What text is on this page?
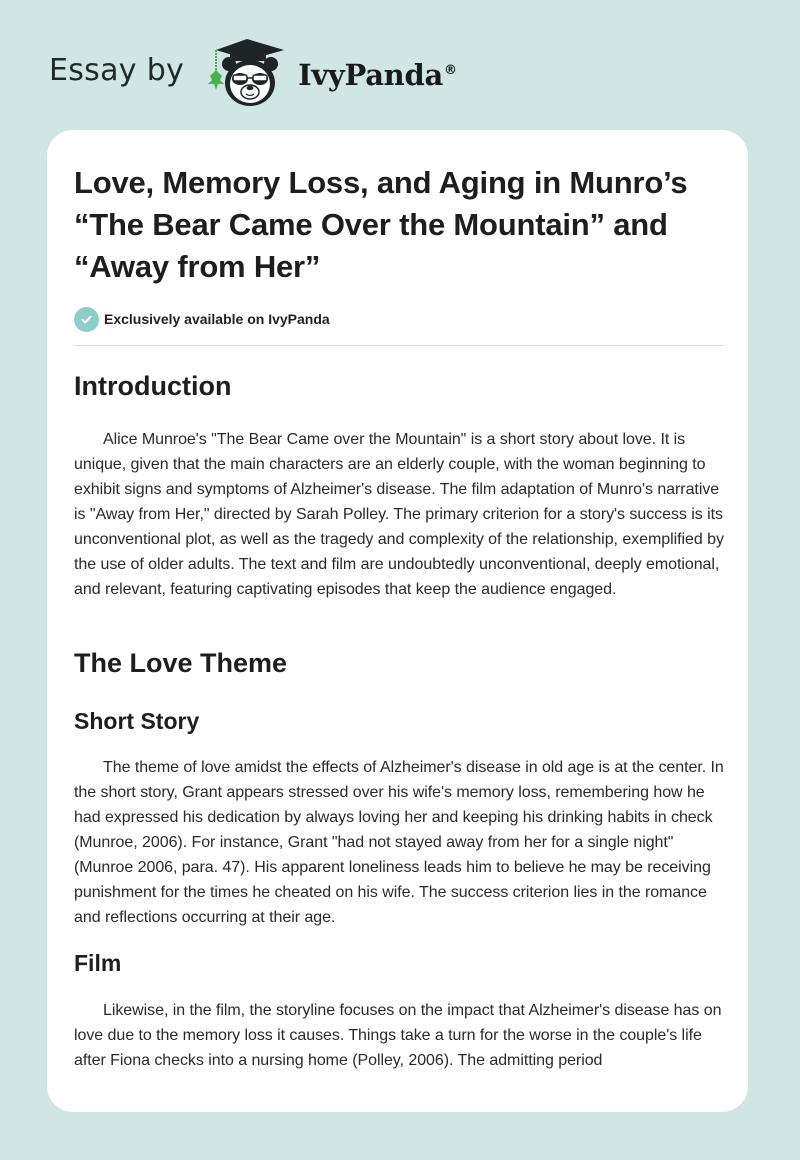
Essay by	IvyPanda®
Love, Memory Loss, and Aging in Munro’s “The Bear Came Over the Mountain” and “Away from Her”
Exclusively available on IvyPanda
Introduction

Alice Munroe's "The Bear Came over the Mountain" is a short story about love. It is unique, given that the main characters are an elderly couple, with the woman beginning to exhibit signs and symptoms of Alzheimer's disease. The film adaptation of Munro's narrative is "Away from Her," directed by Sarah Polley. The primary criterion for a story's success is its unconventional plot, as well as the tragedy and complexity of the relationship, exemplified by the use of older adults. The text and film are undoubtedly unconventional, deeply emotional, and relevant, featuring captivating episodes that keep the audience engaged.

The Love Theme
Short Story

The theme of love amidst the effects of Alzheimer's disease in old age is at the center. In the short story, Grant appears stressed over his wife's memory loss, remembering how he had expressed his dedication by always loving her and keeping his drinking habits in check (Munroe, 2006). For instance, Grant "had not stayed away from her for a single night" (Munroe 2006, para. 47). His apparent loneliness leads him to believe he may be receiving punishment for the times he cheated on his wife. The success criterion lies in the romance and reflections occurring at their age.

Film

Likewise, in the film, the storyline focuses on the impact that Alzheimer's disease has on love due to the memory loss it causes. Things take a turn for the worse in the couple's life after Fiona checks into a nursing home (Polley, 2006). The admitting period
